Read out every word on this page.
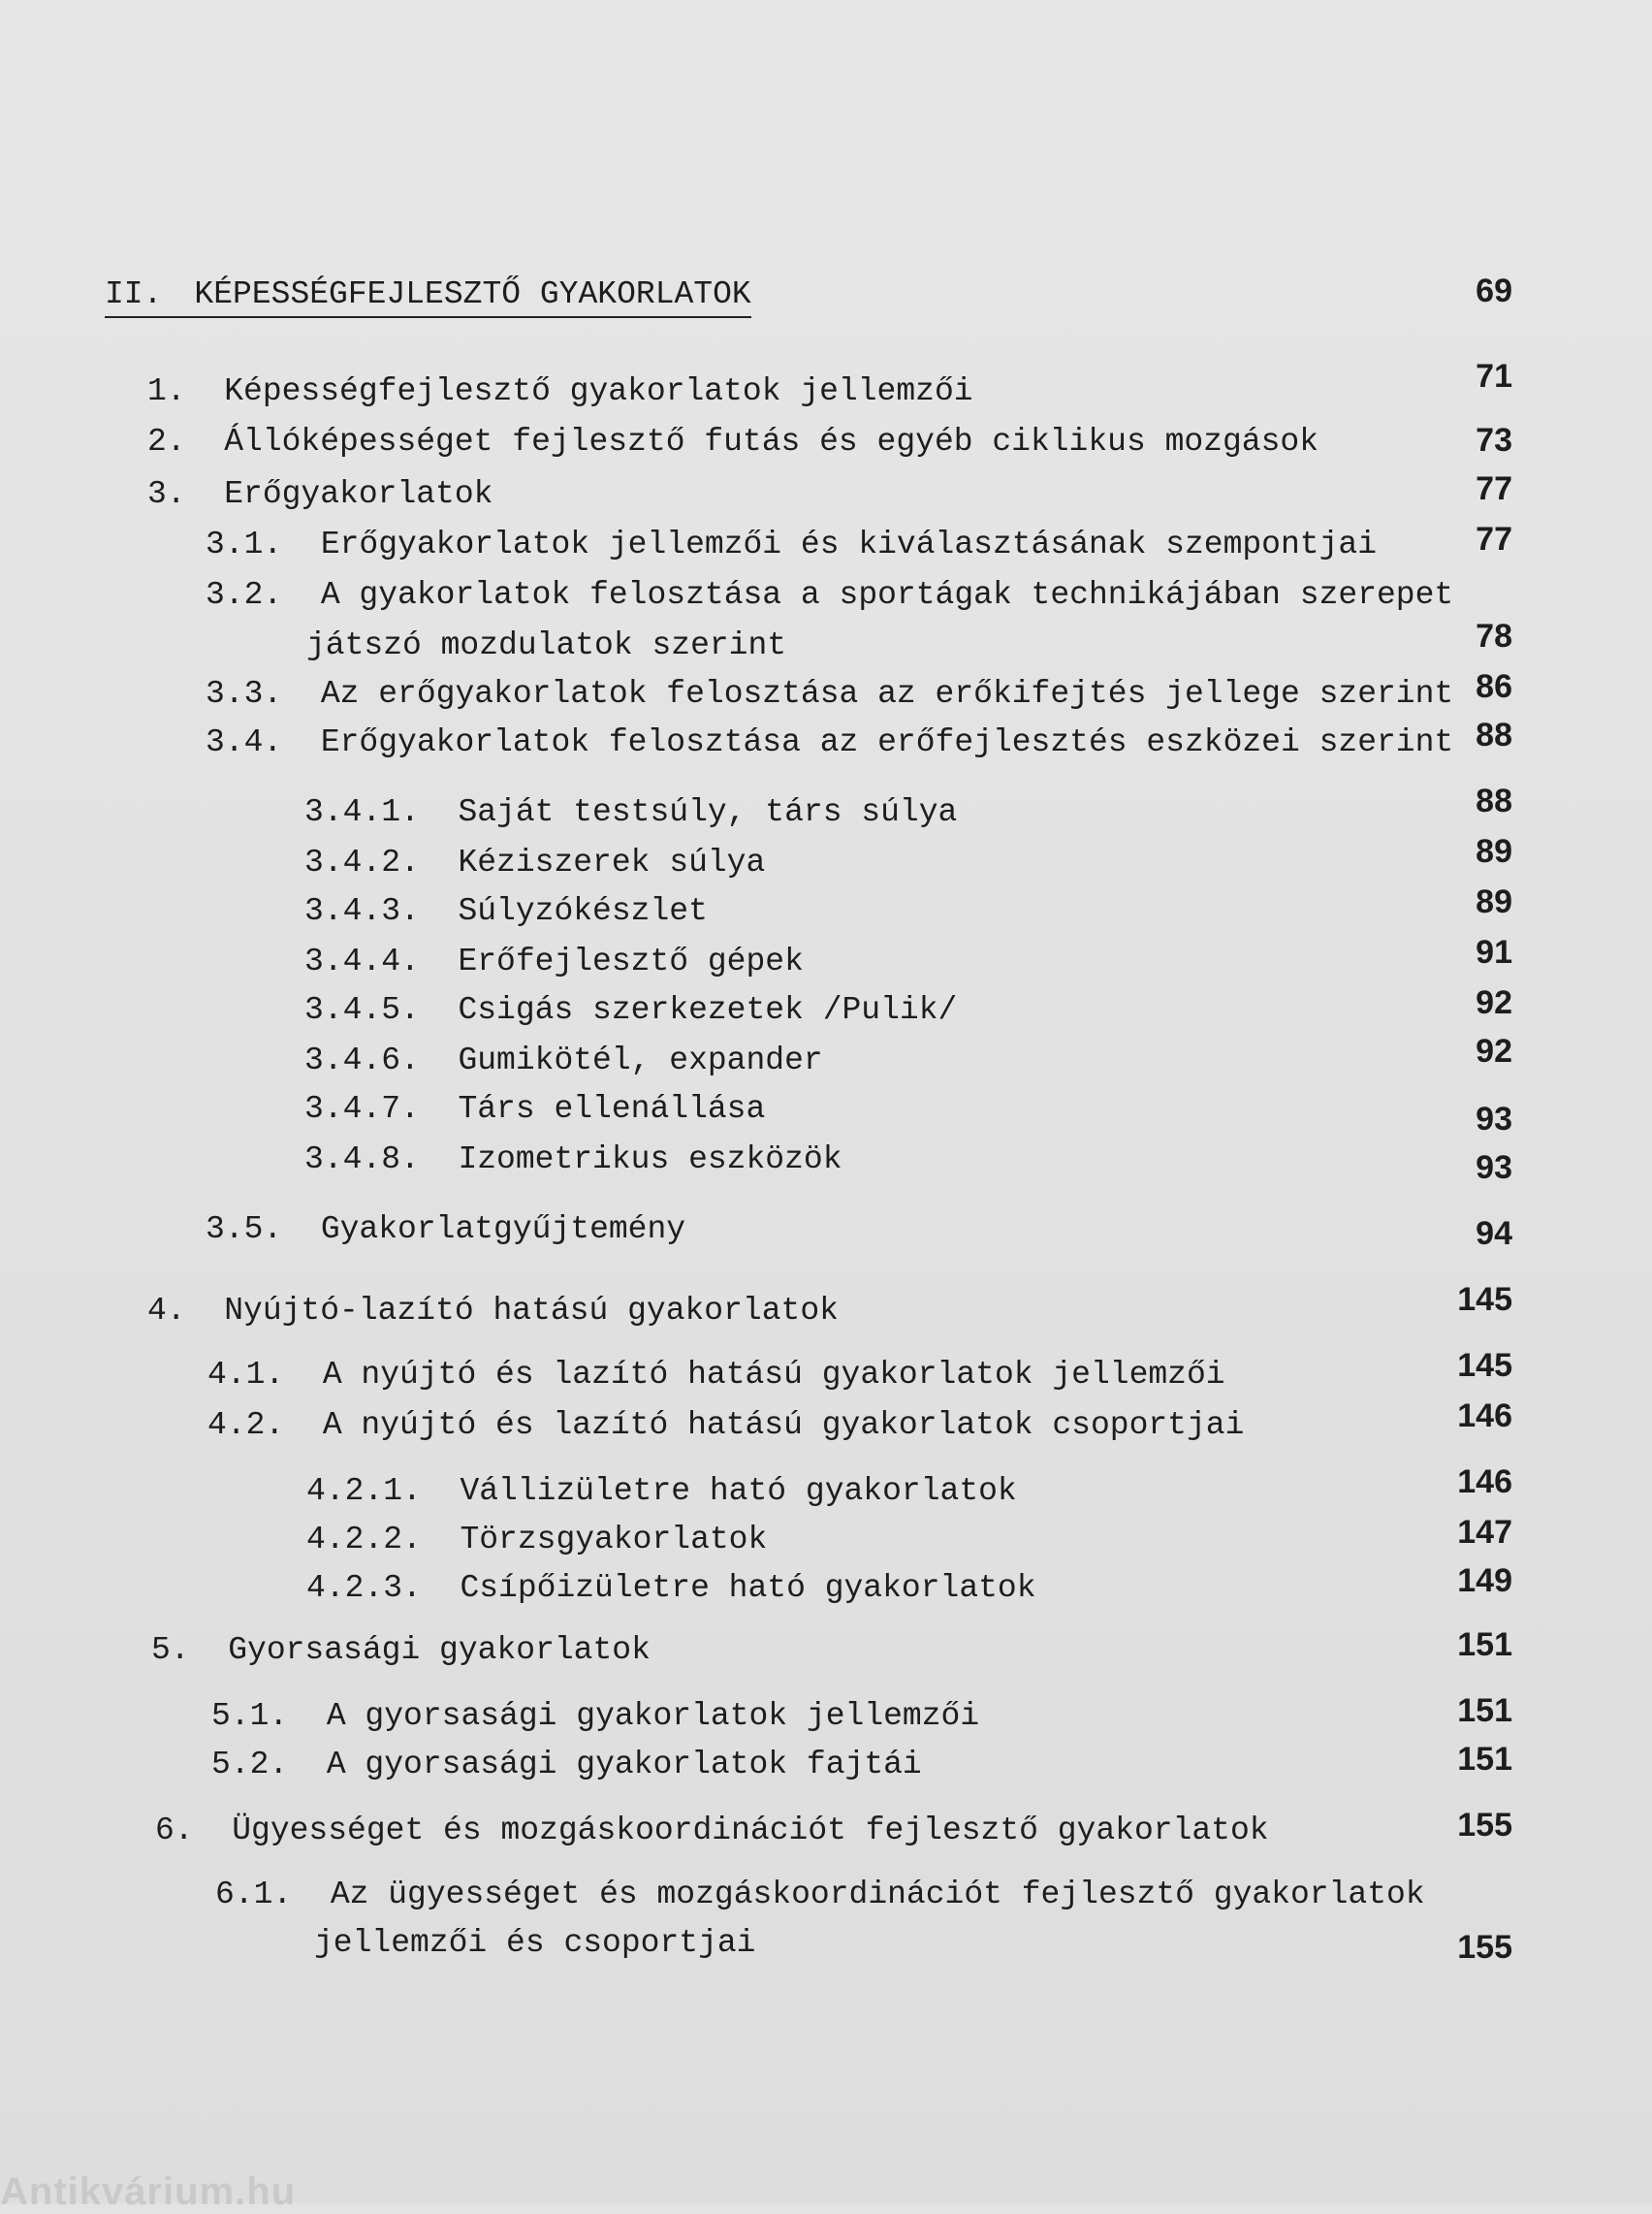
II. KÉPESSÉGFEJLESZTŐ GYAKORLATOK	69
1. Képességfejlesztő gyakorlatok jellemzői	71
2. Állóképességet fejlesztő futás és egyéb ciklikus mozgások	73
3. Erőgyakorlatok	77
3.1. Erőgyakorlatok jellemzői és kiválasztásának szempontjai	77
3.2. A gyakorlatok felosztása a sportágak technikájában szerepet
játszó mozdulatok szerint	78
3.3. Az erőgyakorlatok felosztása az erőkifejtés jellege szerint 86
3.4. Erőgyakorlatok felosztása az erőfejlesztés eszközei szerint 88
3.4.1. Saját testsúly, társ súlya	88
3.4.2. Kéziszerek súlya	89
3.4.3. Súlyzókészlet	89
3.4.4. Erőfejlesztő gépek	91
3.4.5. Csigás szerkezetek /Pulik/	92
3.4.6. Gumikötél, expander	92
3.4.7. Társ ellenállása	93
3.4.8. Izometrikus eszközök	93
3.5. Gyakorlatgyűjtemény	94
4. Nyújtó-lazító hatású gyakorlatok	145
4.1. A nyújtó és lazító hatású gyakorlatok jellemzői	145
4.2. A nyújtó és lazító hatású gyakorlatok csoportjai	146
4.2.1. Vállizületre ható gyakorlatok	146
4.2.2. Törzsgyakorlatok	147
4.2.3. Csípőizületre ható gyakorlatok	149
5. Gyorsasági gyakorlatok	151
5.1. A gyorsasági gyakorlatok jellemzői	151
5.2. A gyorsasági gyakorlatok fajtái	151
6. Ügyességet és mozgáskoordinációt fejlesztő gyakorlatok	155
6.1. Az ügyességet és mozgáskoordinációt fejlesztő gyakorlatok
jellemzői és csoportjai	155
Antikvárium.hu
